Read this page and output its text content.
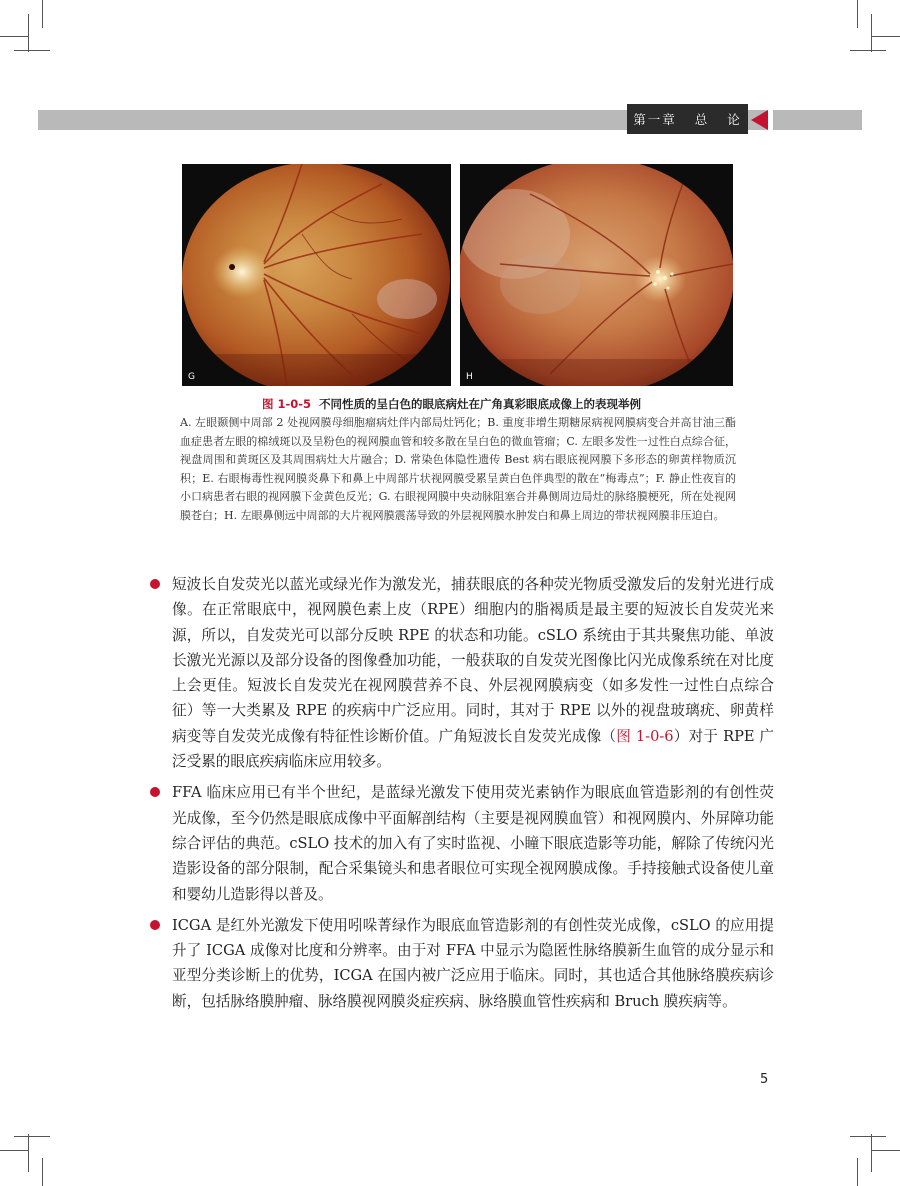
第一章 总 论
G	H
图 1-0-5 不同性质的呈白色的眼底病灶在广角真彩眼底成像上的表现举例
A. 左眼颞侧中周部 2 处视网膜母细胞瘤病灶伴内部局灶钙化；B. 重度非增生期糖尿病视网膜病变合并高甘油三酯血症患者左眼的棉绒斑以及呈粉色的视网膜血管和较多散在呈白色的微血管瘤；C. 左眼多发性一过性白点综合征，视盘周围和黄斑区及其周围病灶大片融合；D. 常染色体隐性遗传 Best 病右眼底视网膜下多形态的卵黄样物质沉积；E. 右眼梅毒性视网膜炎鼻下和鼻上中周部片状视网膜受累呈黄白色伴典型的散在“梅毒点”；F. 静止性夜盲的小口病患者右眼的视网膜下金黄色反光；G. 右眼视网膜中央动脉阻塞合并鼻侧周边局灶的脉络膜梗死，所在处视网膜苍白；H. 左眼鼻侧远中周部的大片视网膜震荡导致的外层视网膜水肿发白和鼻上周边的带状视网膜非压迫白。
短波长自发荧光以蓝光或绿光作为激发光，捕获眼底的各种荧光物质受激发后的发射光进行成像。在正常眼底中，视网膜色素上皮（RPE）细胞内的脂褐质是最主要的短波长自发荧光来源，所以，自发荧光可以部分反映 RPE 的状态和功能。cSLO 系统由于其共聚焦功能、单波长激光光源以及部分设备的图像叠加功能，一般获取的自发荧光图像比闪光成像系统在对比度上会更佳。短波长自发荧光在视网膜营养不良、外层视网膜病变（如多发性一过性白点综合征）等一大类累及 RPE 的疾病中广泛应用。同时，其对于 RPE 以外的视盘玻璃疣、卵黄样病变等自发荧光成像有特征性诊断价值。广角短波长自发荧光成像（图 1-0-6）对于 RPE 广泛受累的眼底疾病临床应用较多。
FFA 临床应用已有半个世纪，是蓝绿光激发下使用荧光素钠作为眼底血管造影剂的有创性荧光成像，至今仍然是眼底成像中平面解剖结构（主要是视网膜血管）和视网膜内、外屏障功能综合评估的典范。cSLO 技术的加入有了实时监视、小瞳下眼底造影等功能，解除了传统闪光造影设备的部分限制，配合采集镜头和患者眼位可实现全视网膜成像。手持接触式设备使儿童和婴幼儿造影得以普及。
ICGA 是红外光激发下使用吲哚菁绿作为眼底血管造影剂的有创性荧光成像，cSLO 的应用提升了 ICGA 成像对比度和分辨率。由于对 FFA 中显示为隐匿性脉络膜新生血管的成分显示和亚型分类诊断上的优势，ICGA 在国内被广泛应用于临床。同时，其也适合其他脉络膜疾病诊断，包括脉络膜肿瘤、脉络膜视网膜炎症疾病、脉络膜血管性疾病和 Bruch 膜疾病等。
5
